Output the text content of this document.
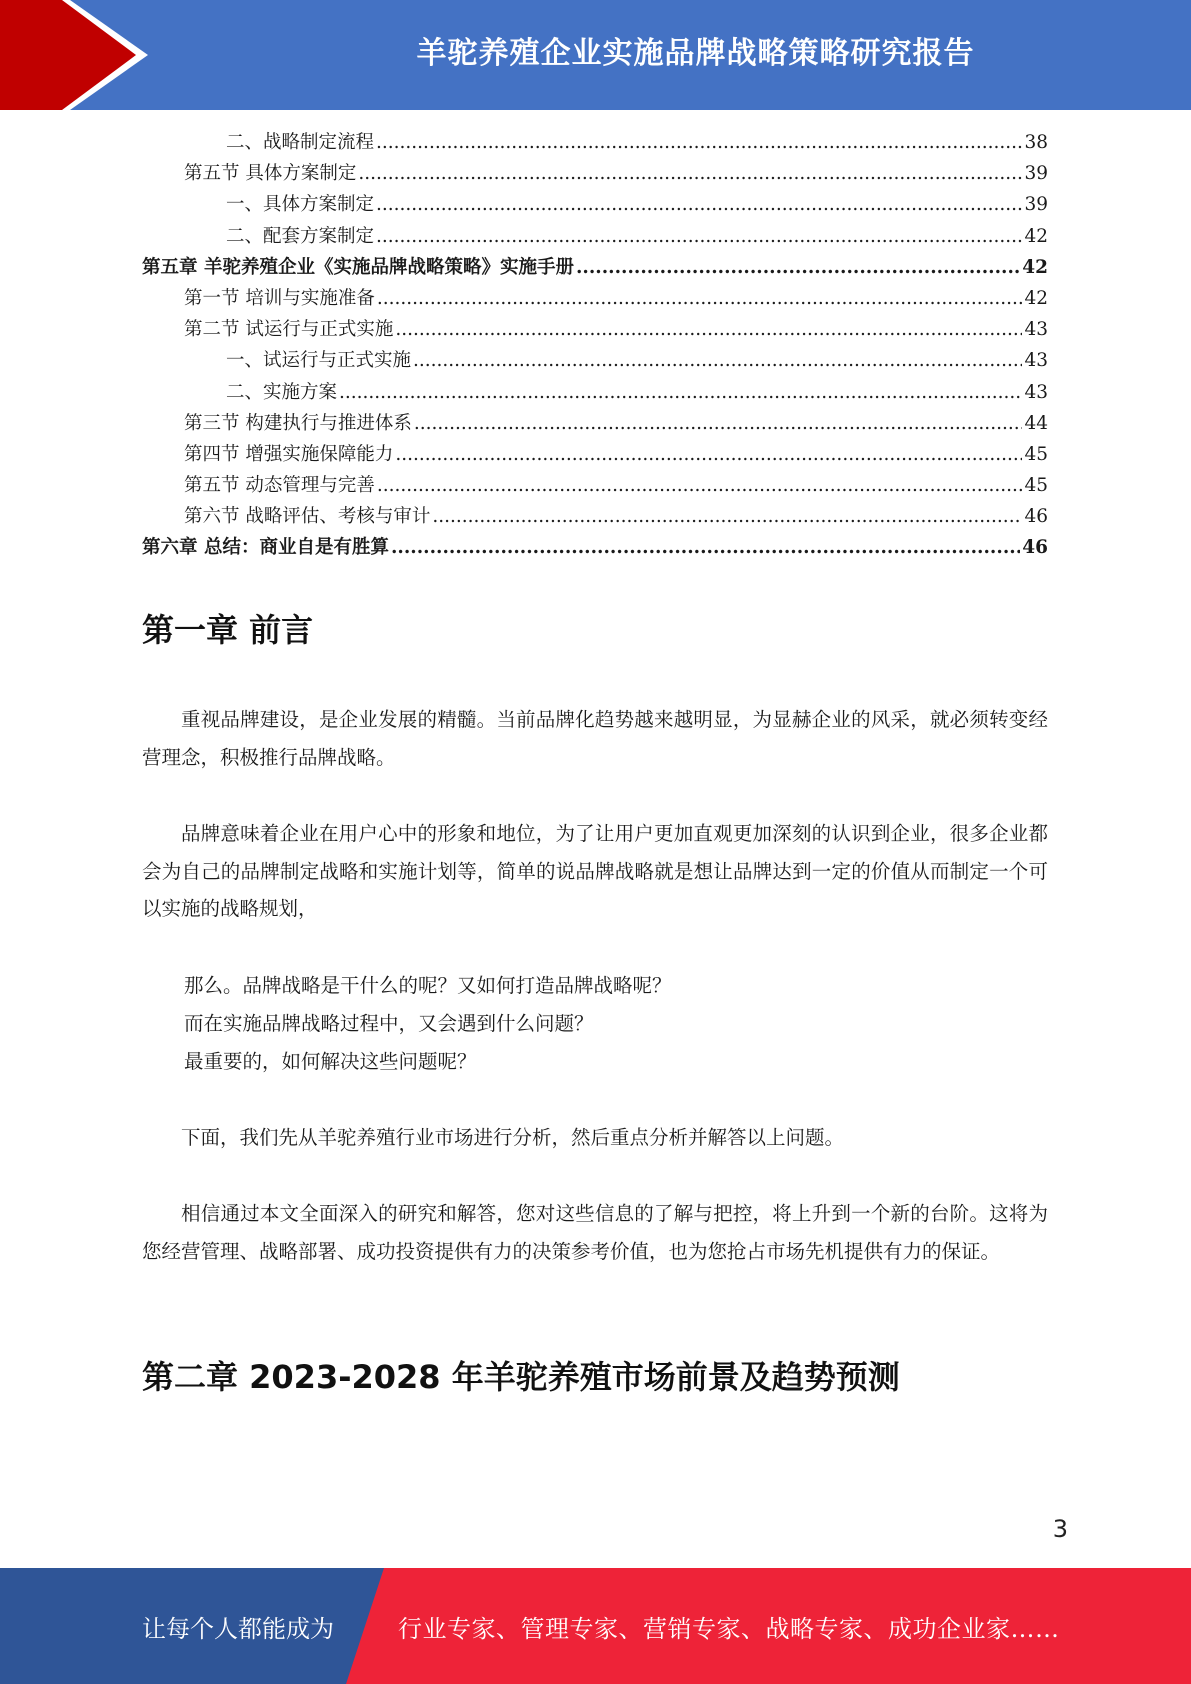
羊驼养殖企业实施品牌战略策略研究报告
二、战略制定流程 .....	38
第五节 具体方案制定 .....	39
一、具体方案制定 .....	39
二、配套方案制定 .....	42
第五章 羊驼养殖企业《实施品牌战略策略》实施手册 .....	42
第一节 培训与实施准备 .....	42
第二节 试运行与正式实施 .....	43
一、试运行与正式实施 .....	43
二、实施方案 .....	43
第三节 构建执行与推进体系 .....	44
第四节 增强实施保障能力 .....	45
第五节 动态管理与完善 .....	45
第六节 战略评估、考核与审计 .....	46
第六章 总结：商业自是有胜算 .....	46
第一章 前言
重视品牌建设，是企业发展的精髓。当前品牌化趋势越来越明显，为显赫企业的风采，就必须转变经营理念，积极推行品牌战略。
品牌意味着企业在用户心中的形象和地位，为了让用户更加直观更加深刻的认识到企业，很多企业都会为自己的品牌制定战略和实施计划等，简单的说品牌战略就是想让品牌达到一定的价值从而制定一个可以实施的战略规划，
那么。品牌战略是干什么的呢？又如何打造品牌战略呢？
而在实施品牌战略过程中，又会遇到什么问题？
最重要的，如何解决这些问题呢？
下面，我们先从羊驼养殖行业市场进行分析，然后重点分析并解答以上问题。
相信通过本文全面深入的研究和解答，您对这些信息的了解与把控，将上升到一个新的台阶。这将为您经营管理、战略部署、成功投资提供有力的决策参考价值，也为您抢占市场先机提供有力的保证。
第二章 2023-2028 年羊驼养殖市场前景及趋势预测
3
让每个人都能成为	行业专家、管理专家、营销专家、战略专家、成功企业家……
